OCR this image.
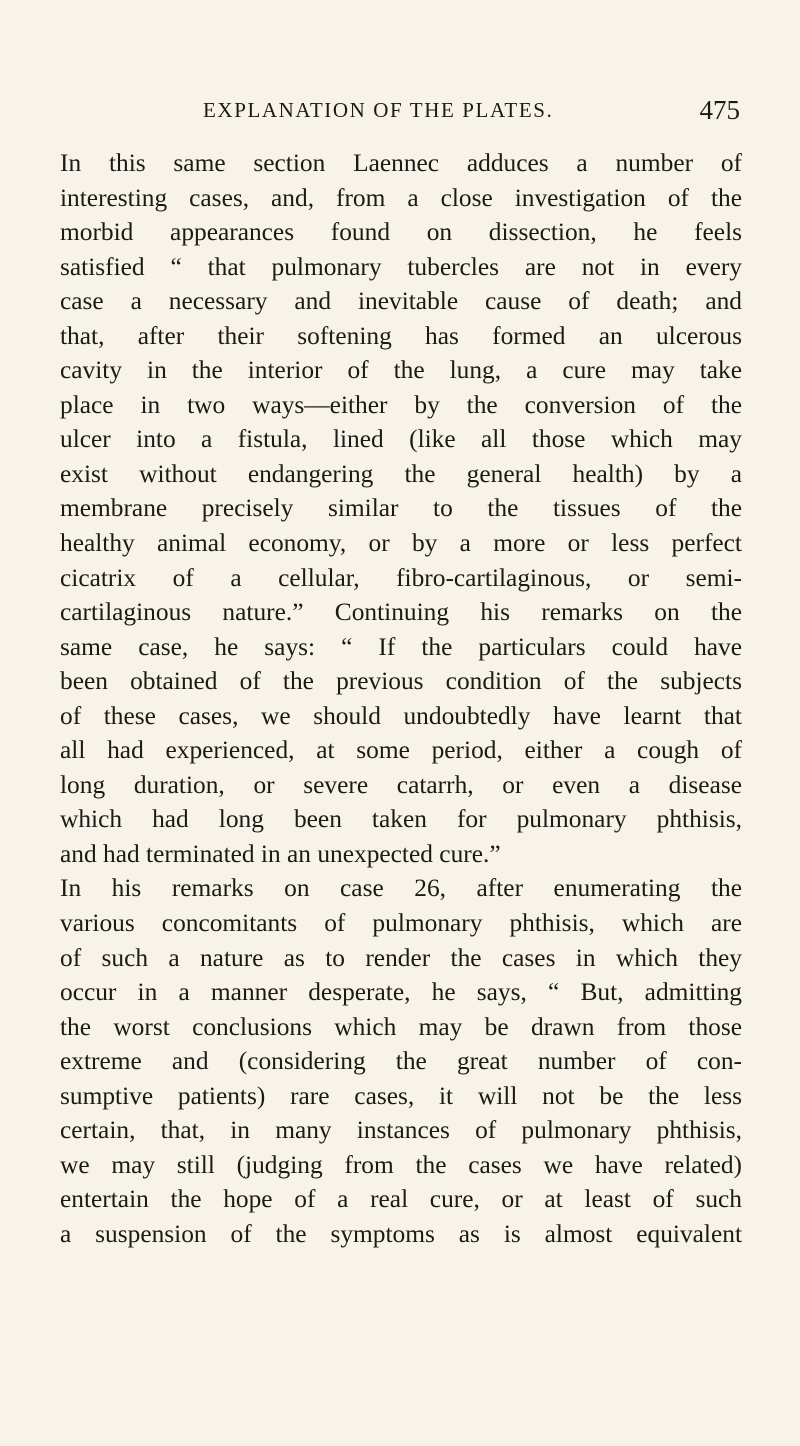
EXPLANATION OF THE PLATES.	475
In this same section Laennec adduces a number of
interesting cases, and, from a close investigation of the
morbid appearances found on dissection, he feels
satisfied “ that pulmonary tubercles are not in every
case a necessary and inevitable cause of death; and
that, after their softening has formed an ulcerous
cavity in the interior of the lung, a cure may take
place in two ways—either by the conversion of the
ulcer into a fistula, lined (like all those which may
exist without endangering the general health) by a
membrane precisely similar to the tissues of the
healthy animal economy, or by a more or less perfect
cicatrix of a cellular, fibro-cartilaginous, or semi-
cartilaginous nature.” Continuing his remarks on the
same case, he says: “ If the particulars could have
been obtained of the previous condition of the subjects
of these cases, we should undoubtedly have learnt that
all had experienced, at some period, either a cough of
long duration, or severe catarrh, or even a disease
which had long been taken for pulmonary phthisis,
and had terminated in an unexpected cure.”
In his remarks on case 26, after enumerating the
various concomitants of pulmonary phthisis, which are
of such a nature as to render the cases in which they
occur in a manner desperate, he says, “ But, admitting
the worst conclusions which may be drawn from those
extreme and (considering the great number of con-
sumptive patients) rare cases, it will not be the less
certain, that, in many instances of pulmonary phthisis,
we may still (judging from the cases we have related)
entertain the hope of a real cure, or at least of such
a suspension of the symptoms as is almost equivalent
